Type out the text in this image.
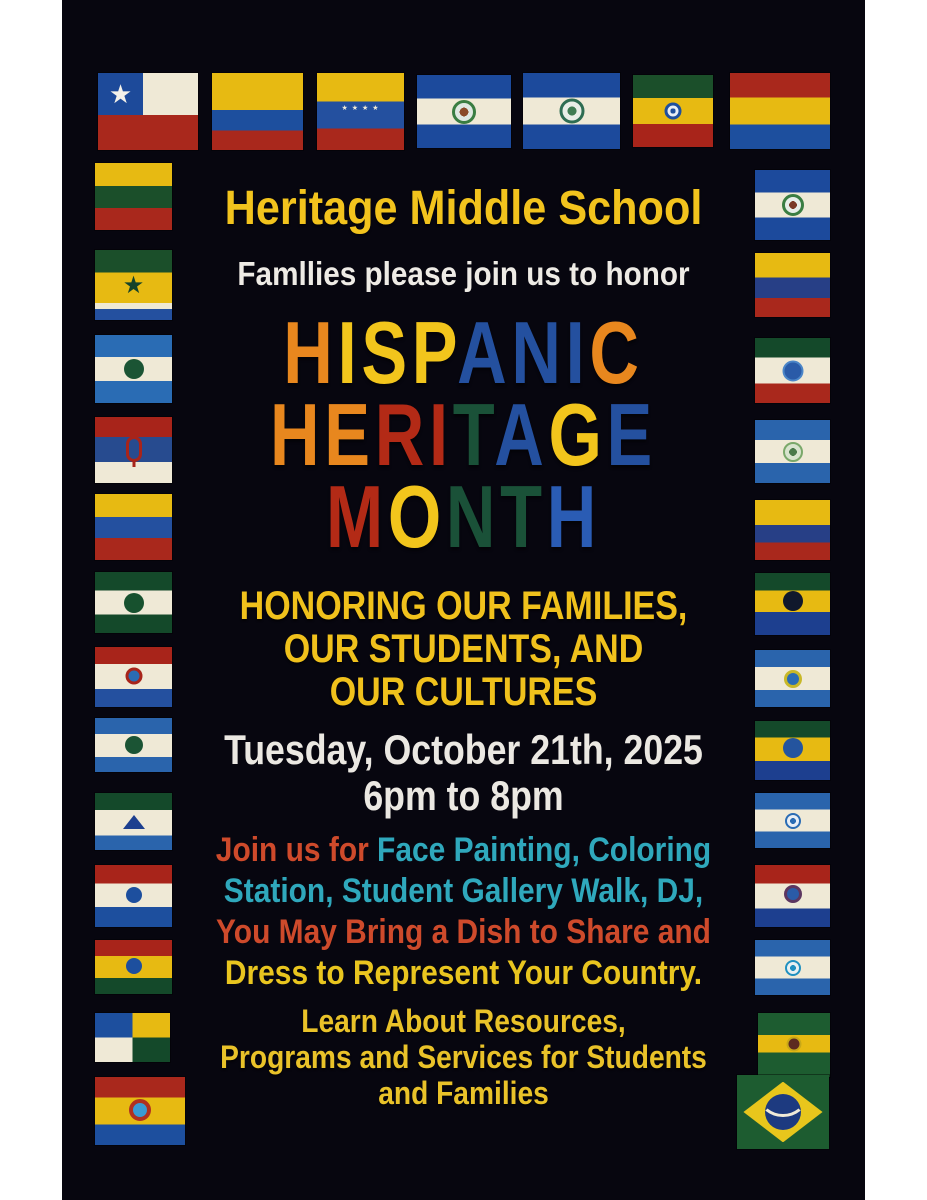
★	★ ★ ★ ★
★
Heritage Middle School

Famllies please join us to honor

HISPANIC
HERITAGE
MONTH
HONORING OUR FAMILIES,
OUR STUDENTS, AND
OUR CULTURES
Tuesday, October 21th, 2025
6pm to 8pm
Join us for Face Painting, Coloring
Station, Student Gallery Walk, DJ,
You May Bring a Dish to Share and
Dress to Represent Your Country.
Learn About Resources,
Programs and Services for Students
and Families
